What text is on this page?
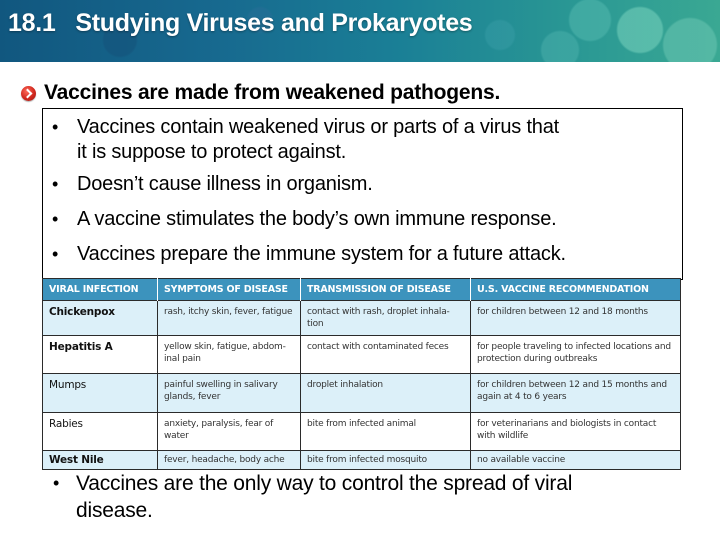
18.1   Studying Viruses and Prokaryotes
Vaccines are made from weakened pathogens.
• Vaccines contain weakened virus or parts of a virus that
it is suppose to protect against.
• Doesn’t cause illness in organism.
• A vaccine stimulates the body’s own immune response.
• Vaccines prepare the immune system for a future attack.
VIRAL INFECTION	SYMPTOMS OF DISEASE	TRANSMISSION OF DISEASE	U.S. VACCINE RECOMMENDATION
Chickenpox	rash, itchy skin, fever, fatigue	contact with rash, droplet inhala-tion	for children between 12 and 18 months
Hepatitis A	yellow skin, fatigue, abdom-inal pain	contact with contaminated feces	for people traveling to infected locations and protection during outbreaks
Mumps	painful swelling in salivary glands, fever	droplet inhalation	for children between 12 and 15 months and again at 4 to 6 years
Rabies	anxiety, paralysis, fear of water	bite from infected animal	for veterinarians and biologists in contact with wildlife
West Nile	fever, headache, body ache	bite from infected mosquito	no available vaccine
• Vaccines are the only way to control the spread of viral
disease.
